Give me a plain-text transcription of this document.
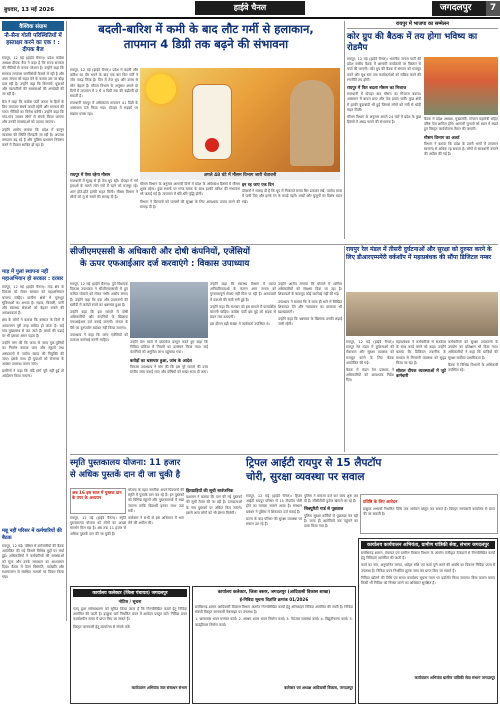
बुधवार, 13 मई 2026	हाईवे चैनल	जगदलपुर	7
वैश्विक संग्राम
नौ-सैना गोली परिस्थितियों में हस्ताक्षर करने का एक ! : दीपक बैज

रायपुर, 12 मई (हाईवे चैनल)। प्रदेश कांग्रेस अध्यक्ष दीपक बैज ने कहा है कि राज्य सरकार की नीतियों से जनता परेशान है। उन्होंने कहा कि सरकार लगातार जनविरोधी फैसले ले रही है और आम जनता को राहत देने के बजाय उस पर बोझ डाल रही है। उन्होंने कहा कि किसानों, युवाओं और व्यापारियों की समस्याओं की अनदेखी की जा रही है।

बैज ने कहा कि कांग्रेस पार्टी जनता के हितों के लिए लगातार संघर्ष करती रहेगी और सरकार की गलत नीतियों का विरोध करेगी। उन्होंने कहा कि गांव-गांव जाकर लोगों से संपर्क किया जाएगा और उनकी समस्याओं को उठाया जाएगा।

उन्होंने आरोप लगाया कि प्रदेश में कानून व्यवस्था की स्थिति बिगड़ती जा रही है। अपराध लगातार बढ़ रहे हैं और पुलिस प्रशासन नियंत्रण करने में विफल साबित हो रहा है।

माड़ में पुलां स्थापना नहीं महाअभियान हो सरकार : दरबार

रायपुर, 12 मई (हाईवे चैनल)। माड़ क्षेत्र के विकास को लेकर सरकार को महाअभियान चलाना चाहिए। ग्रामीण क्षेत्रों में मूलभूत सुविधाओं का अभाव है। सड़क, बिजली, पानी और स्वास्थ्य सेवाओं को बेहतर बनाने की आवश्यकता है।

क्षेत्र के लोगों ने बताया कि बरसात के दिनों में आवागमन पूरी तरह बाधित हो जाता है। कई गांव मुख्यालय से कट जाते हैं। बच्चों की पढ़ाई पर भी इसका असर पड़ता है।

उन्होंने मांग की कि जल्द से जल्द पुल-पुलियों का निर्माण कराया जाए और स्कूलों तथा अस्पतालों में पर्याप्त स्टाफ की नियुक्ति की जाए। इसके साथ ही युवाओं को रोजगार के अवसर उपलब्ध कराए जाएं।

ग्रामीणों ने कहा कि यदि मांगें पूरी नहीं हुईं तो आंदोलन किया जाएगा।

मन्नू नहीं परिसर में कर्मचारियों की बैठक

रायपुर, 12 मई। परिसर में कर्मचारियों की बैठक आयोजित की गई जिसमें विभिन्न मुद्दों पर चर्चा हुई। अधिकारियों ने कर्मचारियों की समस्याओं को सुना और उनके समाधान का आश्वासन दिया। बैठक में वेतन विसंगति, पदोन्नति और स्थानांतरण से संबंधित मामलों पर विचार किया गया।

बदली-बारिश में कमी के बाद लौट गर्मी से हलाकान,
तापमान 4 डिग्री तक बढ़ने की संभावना

रायपुर, 12 मई (हाईवे चैनल)। प्रदेश में बदली और बारिश का दौर थमने के बाद एक बार फिर गर्मी ने जोर पकड़ लिया है। दिन में तेज धूप और उमस से लोग बेहाल हैं। मौसम विभाग के अनुसार अगले दो दिनों में तापमान में 2 से 4 डिग्री तक की बढ़ोतरी हो सकती है।

राजधानी रायपुर में अधिकतम तापमान 41 डिग्री के आसपास दर्ज किया गया। दोपहर में सड़कों पर सन्नाटा पसरा रहा।

अगले 48 घंटे में मौसम विभाग जारी चेतावनी

रायपुर में ऐसा रहेगा मौसम

राजधानी में सुबह से ही तेज धूप रही। दोपहर में गर्म हवाओं के चलते लोग घरों में रहने को मजबूर रहे। शाम होते-होते हल्की राहत मिली। मौसम विभाग ने लोगों को लू से बचने की सलाह दी है।

मौसम विभाग के अनुसार आगामी दिनों में प्रदेश के अधिकांश हिस्सों में मौसम शुष्क रहेगा। कुछ स्थानों पर गरज-चमक के साथ हल्की बारिश की संभावना भी जताई गई है। तापमान में धीरे-धीरे वृद्धि होगी।

विभाग ने किसानों को फसलों की सुरक्षा के लिए आवश्यक उपाय करने की सलाह दी है।

इन रह जाए एक दिन

डॉक्टरों ने सलाह दी है कि धूप में निकलते समय सिर ढककर रखें, पर्याप्त मात्रा में पानी पिएं और हल्के रंग के कपड़े पहनें। बच्चों और बुजुर्गों का विशेष ध्यान रखें।

रायपुर में भाजपा का सम्मेलन
कोर ग्रुप की बैठक में तय होगा भविष्य का रोडमैप

रायपुर, 12 मई (हाईवे चैनल)। भारतीय जनता पार्टी की प्रदेश स्तरीय बैठक में आगामी कार्यक्रमों पर विस्तार से चर्चा की जाएगी। कोर ग्रुप की बैठक में संगठन को मजबूत करने और बूथ स्तर तक कार्यकर्ताओं को सक्रिय करने की रणनीति तय होगी।

रायपुर में फिर बदला मौसम का मिजाज

राजधानी में दोपहर बाद मौसम का मिजाज बदला। आसमान में बादल छाए और तेज हवाएं चलीं। कुछ क्षेत्रों में हल्की बूंदाबांदी भी हुई जिससे लोगों को गर्मी से थोड़ी राहत मिली।

मौसम विभाग के अनुसार अगले 24 घंटों में प्रदेश के कुछ हिस्सों में अंधड़ चलने की संभावना है।

बैठक में प्रदेश अध्यक्ष, मुख्यमंत्री, संगठन महामंत्री सहित वरिष्ठ नेता शामिल होंगे। आगामी चुनावों को ध्यान में रखते हुए विस्तृत कार्ययोजना तैयार की जाएगी।

मौसम विभाग का अलर्ट

विभाग ने बताया कि प्रदेश के उत्तरी भागों में तापमान सामान्य से अधिक रह सकता है। लोगों से सावधानी बरतने की अपील की गई है।

सीजीएमएससी के अधिकारी और दोषी कंपनियों, एजेंसियों
के ऊपर एफआईआर दर्ज करवाएंगे : विकास उपाध्याय

रायपुर, 12 मई (हाईवे चैनल)। पूर्व विधायक विकास उपाध्याय ने सीजीएमएससी में हुए कथित घोटाले को लेकर गंभीर आरोप लगाए हैं। उन्होंने कहा कि दवा और उपकरणों की खरीदी में करोड़ों रुपये का भ्रष्टाचार हुआ है।

उन्होंने कहा कि इस मामले में दोषी अधिकारियों और कंपनियों के खिलाफ एफआईआर दर्ज कराई जाएगी। जनता के पैसे का दुरुपयोग बर्दाश्त नहीं किया जाएगा।

उपाध्याय ने कहा कि जांच एजेंसियों को तत्काल कार्रवाई करनी चाहिए।	उन्होंने प्रेस वार्ता में दस्तावेज प्रस्तुत करते हुए कहा कि निविदा प्रक्रिया में नियमों का उल्लंघन किया गया। कई कंपनियों को अनुचित लाभ पहुंचाया गया।

करोड़ों का भ्रष्टाचार हुआ, जांच के आदेश

विकास उपाध्याय ने मांग की कि इस पूरे मामले की उच्च स्तरीय जांच कराई जाए और दोषियों को सख्त सजा दी जाए।

उन्होंने कहा कि स्वास्थ्य विभाग में व्याप्त अनियमितताओं के कारण आम जनता को गुणवत्तापूर्ण सेवाएं नहीं मिल पा रही हैं। अस्पतालों में दवाओं की कमी बनी हुई है।

उन्होंने कहा कि सरकार को इस मामले में पारदर्शिता बरतनी चाहिए। कांग्रेस पार्टी इस मुद्दे को सड़क से सदन तक उठाएगी।

इस दौरान बड़ी संख्या में कार्यकर्ता उपस्थित थे।

उन्होंने आरोप लगाया कि घोटाले में शामिल अधिकारियों को संरक्षण दिया जा रहा है। शिकायतों के बावजूद कोई कार्रवाई नहीं की गई।

उपाध्याय ने बताया कि वे जल्द ही थाने में लिखित शिकायत देंगे और न्यायालय का दरवाजा भी खटखटाएंगे।

उन्होंने कहा कि भ्रष्टाचार के खिलाफ उनकी लड़ाई जारी रहेगी।

रायपुर रेल मंडल में तीसरी दुर्घटनाओं और सुरक्षा को दुरुस्त करने के लिए डीआरएम्ममेरी वर्कशॉप में महाप्रबंधक की सौंपा डिजिटल नम्बर

रायपुर, 12 मई (हाईवे चैनल)। रायपुर रेल मंडल में दुर्घटनाओं की रोकथाम और सुरक्षा व्यवस्था को मजबूत करने के लिए बैठक आयोजित की गई।

बैठक में मंडल रेल प्रबंधक ने अधिकारियों को आवश्यक निर्देश दिए।

महाप्रबंधक ने कर्मचारियों से सतर्कता के साथ कार्य करने को कहा। उन्होंने बताया कि डिजिटल तकनीक के माध्यम से निगरानी व्यवस्था को सुदृढ़ किया जा रहा है।

सोशल दीपक व्यवस्थाओं में जुटे कर्मचारी

कर्मचारियों को सुरक्षा उपकरणों के उपयोग का प्रशिक्षण भी दिया गया। अधिकारियों ने कहा कि यात्रियों की सुरक्षा सर्वोच्च प्राथमिकता है।

बैठक में विभिन्न विभागों के अधिकारी उपस्थित रहे।

स्मृति पुस्तकालय योजना: 11 हजार
से अधिक पुस्तकें दान दी जा चुकी है
अब 16 इस साल में पुस्तक दान के उपर के अध्ययन

रायपुर, 12 मई (हाईवे चैनल)। स्मृति पुस्तकालय योजना को लोगों का अच्छा समर्थन मिल रहा है। अब तक 11 हजार से अधिक पुस्तकें दान की जा चुकी हैं।

योजना के तहत नागरिक अपने प्रियजनों की स्मृति में पुस्तकें दान कर रहे हैं। इन पुस्तकों को विभिन्न स्कूलों और पुस्तकालयों में रखा जाएगा ताकि विद्यार्थी इनका लाभ उठा सकें।

कलेक्टर ने सभी से इस अभियान में भाग लेने की अपील की।

हितग्राहियों की सूची सार्वजनिक

प्रशासन ने बताया कि दान की गई पुस्तकों की सूची तैयार की जा रही है। दानदाताओं के नाम पुस्तकों पर अंकित किए जाएंगे। इससे अन्य लोगों को भी प्रेरणा मिलेगी।

ट्रिपल आईटी रायपुर से 15 लैपटॉप
चोरी, सुरक्षा व्यवस्था पर सवाल

रायपुर, 12 मई (हाईवे चैनल)। ट्रिपल आईटी रायपुर परिसर से 15 लैपटॉप चोरी होने का मामला सामने आया है। संस्थान प्रबंधन ने पुलिस में शिकायत दर्ज कराई है।

घटना के बाद परिसर की सुरक्षा व्यवस्था पर सवाल उठ रहे हैं।

पुलिस ने मामला दर्ज कर जांच शुरू कर दी है। सीसीटीवी फुटेज खंगाले जा रहे हैं।

सिक्युरिटी गार्ड से पूछताछ

पुलिस सुरक्षा कर्मियों से पूछताछ कर रही है। जल्द ही आरोपियों तक पहुंचने का दावा किया गया है।

प्रविष्टि के लिए आवेदन

इच्छुक अभ्यर्थी निर्धारित तिथि तक आवेदन प्रस्तुत कर सकते हैं। विस्तृत जानकारी कार्यालय से प्राप्त की जा सकती है।

कार्यालय कलेक्टर (जिला पंचायत) जगदलपुर
नोटिस / सूचना

एतद् द्वारा सर्वसाधारण को सूचित किया जाता है कि निम्नलिखित कार्यों हेतु निविदा आमंत्रित की जाती है। इच्छुक फर्म निर्धारित प्रपत्र में आवेदन प्रस्तुत करें। निविदा प्रपत्र कार्यालयीन समय में प्राप्त किए जा सकते हैं।

विस्तृत जानकारी हेतु कार्यालय से संपर्क करें।

कार्यपालन अभियंता जल संसाधन संभाग
कार्यालय कलेक्टर, जिला बस्तर, जगदलपुर (आदिवासी विकास शाखा)
ई-निविदा सूचना विज्ञप्ति क्रमांक 01/2026

छत्तीसगढ़ शासन आदिवासी विकास विभाग अंतर्गत निम्नलिखित कार्यों हेतु ऑनलाइन निविदा आमंत्रित की जाती है। निविदा संबंधी विस्तृत जानकारी वेबसाइट पर उपलब्ध है।

1. छात्रावास भवन मरम्मत कार्य। 2. आश्रम शाला भवन निर्माण कार्य। 3. पेयजल व्यवस्था कार्य। 4. विद्युतीकरण कार्य। 5. बाउंड्रीवाल निर्माण कार्य।

कलेक्टर एवं अध्यक्ष आदिवासी विकास, जगदलपुर
कार्यालय कार्यपालन अभियंता, ग्रामीण यांत्रिकी सेवा, संभाग जगदलपुर

छत्तीसगढ़ शासन, पंचायत एवं ग्रामीण विकास विभाग के अंतर्गत पंजीकृत ठेकेदारों से निम्नलिखित कार्यों हेतु निविदाएं आमंत्रित की जाती हैं।

कार्य का नाम, अनुमानित लागत, धरोहर राशि एवं कार्य पूर्ण करने की अवधि का विवरण निविदा प्रपत्र में उपलब्ध है। निविदा प्रपत्र निर्धारित शुल्क जमा कर प्राप्त किए जा सकते हैं।

निविदा खोलने की तिथि एवं समय कार्यालय सूचना पटल पर प्रदर्शित किया जाएगा। बिना कारण बताए किसी भी निविदा को निरस्त करने का अधिकार सुरक्षित है।

कार्यपालन अभियंता ग्रामीण यांत्रिकी सेवा संभाग जगदलपुर
